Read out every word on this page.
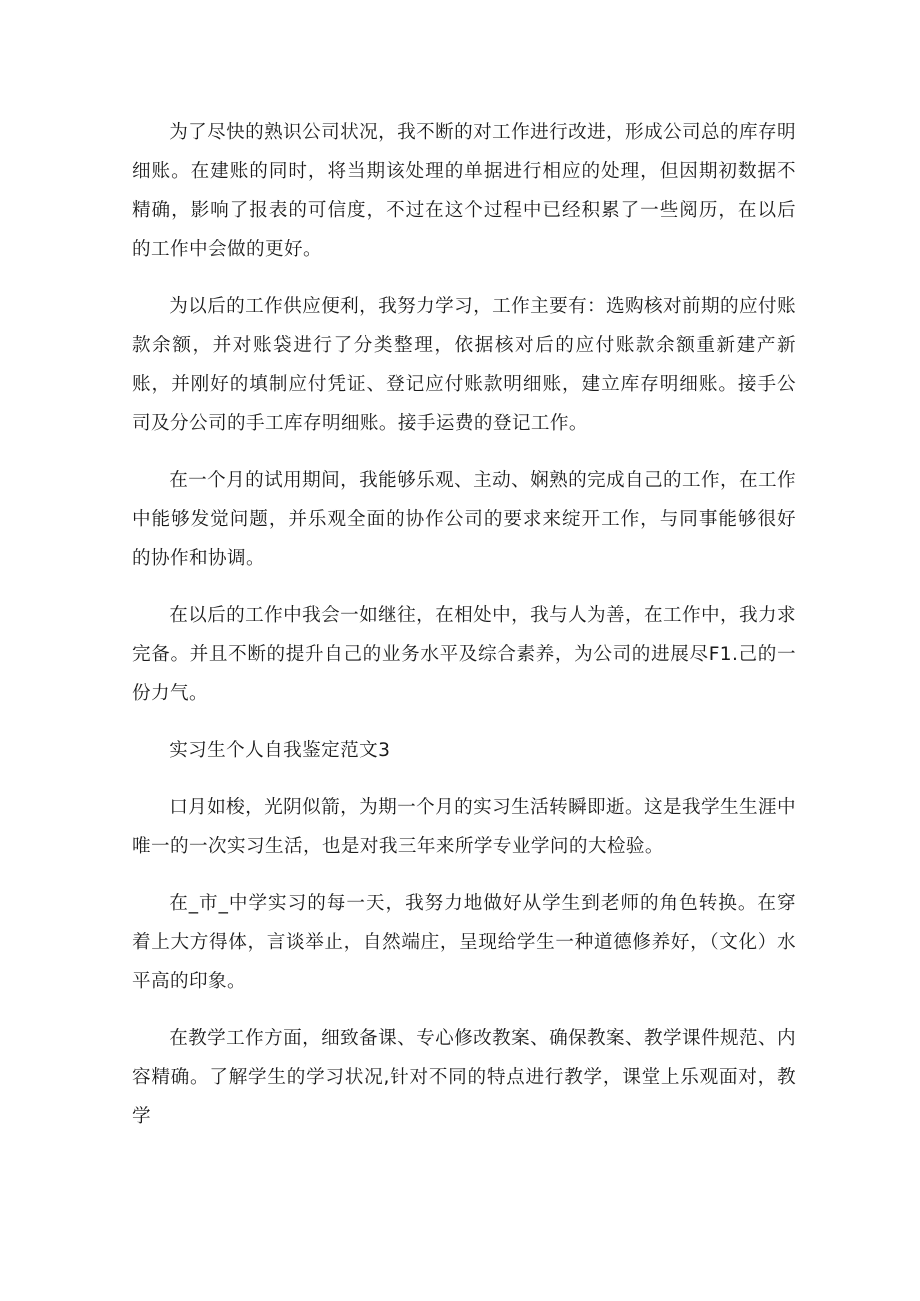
为了尽快的熟识公司状况，我不断的对工作进行改进，形成公司总的库存明细账。在建账的同时，将当期该处理的单据进行相应的处理，但因期初数据不精确，影响了报表的可信度，不过在这个过程中已经积累了一些阅历，在以后的工作中会做的更好。

为以后的工作供应便利，我努力学习，工作主要有：选购核对前期的应付账款余额，并对账袋进行了分类整理，依据核对后的应付账款余额重新建产新账，并刚好的填制应付凭证、登记应付账款明细账，建立库存明细账。接手公司及分公司的手工库存明细账。接手运费的登记工作。

在一个月的试用期间，我能够乐观、主动、娴熟的完成自己的工作，在工作中能够发觉问题，并乐观全面的协作公司的要求来绽开工作，与同事能够很好的协作和协调。

在以后的工作中我会一如继往，在相处中，我与人为善，在工作中，我力求完备。并且不断的提升自己的业务水平及综合素养，为公司的进展尽F1.己的一份力气。

实习生个人自我鉴定范文3

口月如梭，光阴似箭，为期一个月的实习生活转瞬即逝。这是我学生生涯中唯一的一次实习生活，也是对我三年来所学专业学问的大检验。

在_市_中学实习的每一天，我努力地做好从学生到老师的角色转换。在穿着上大方得体，言谈举止，自然端庄，呈现给学生一种道德修养好，（文化）水平高的印象。

在教学工作方面，细致备课、专心修改教案、确保教案、教学课件规范、内容精确。了解学生的学习状况,针对不同的特点进行教学，课堂上乐观面对，教学
